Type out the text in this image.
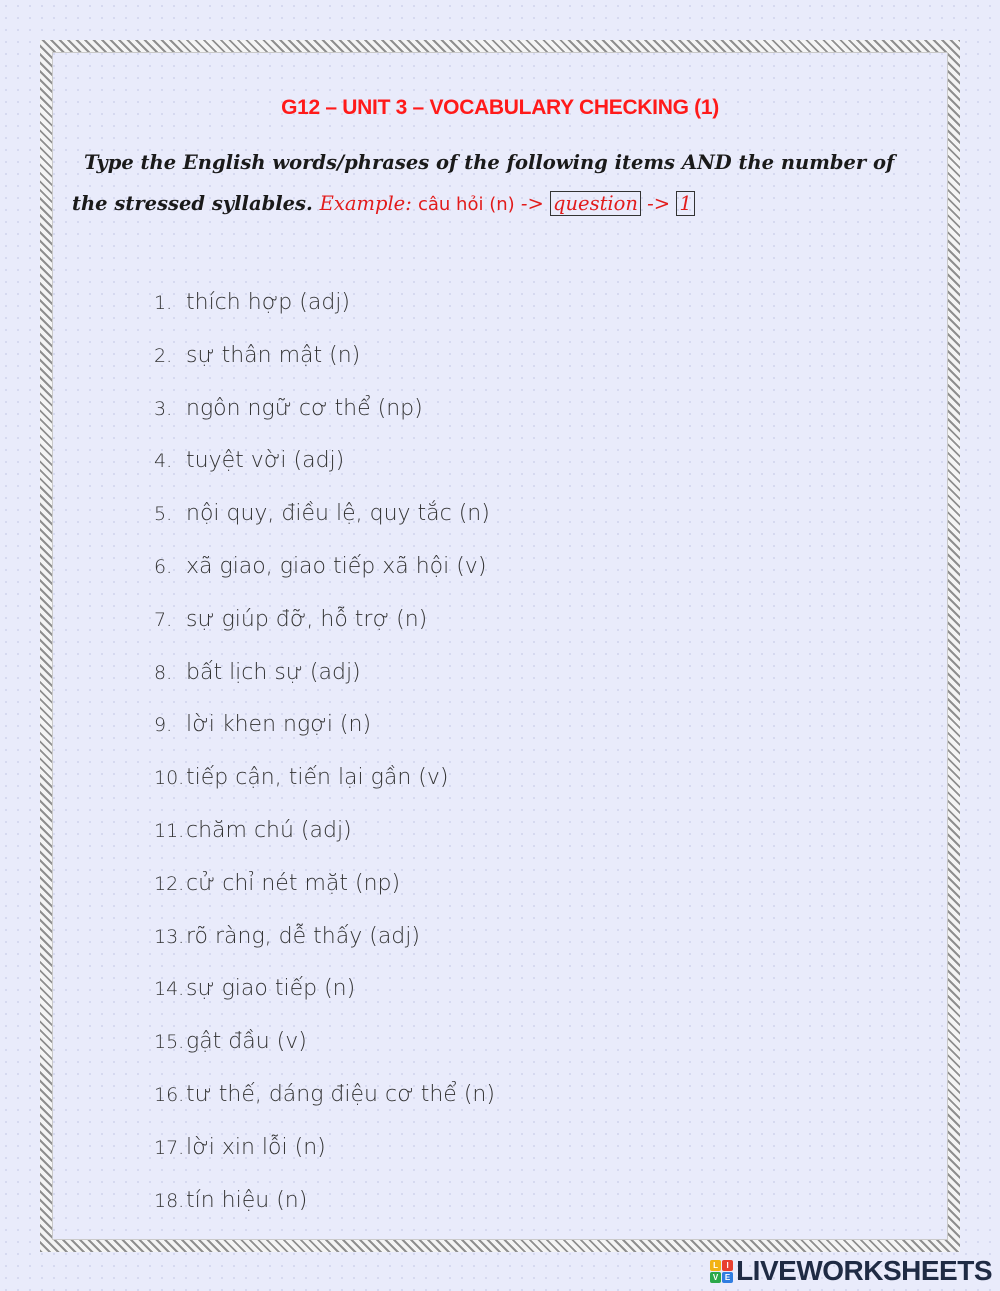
G12 – UNIT 3 – VOCABULARY CHECKING (1)

Type the English words/phrases of the following items AND the number of the stressed syllables. Example: câu hỏi (n) -> question -> 1

1. thích hợp (adj)
2. sự thân mật (n)
3. ngôn ngữ cơ thể (np)
4. tuyệt vời (adj)
5. nội quy, điều lệ, quy tắc (n)
6. xã giao, giao tiếp xã hội (v)
7. sự giúp đỡ, hỗ trợ (n)
8. bất lịch sự (adj)
9. lời khen ngợi (n)
10.tiếp cận, tiến lại gần (v)
11.chăm chú (adj)
12.cử chỉ nét mặt (np)
13.rõ ràng, dễ thấy (adj)
14.sự giao tiếp (n)
15.gật đầu (v)
16.tư thế, dáng điệu cơ thể (n)
17.lời xin lỗi (n)
18.tín hiệu (n)
L	I
V E LIVEWORKSHEETS
